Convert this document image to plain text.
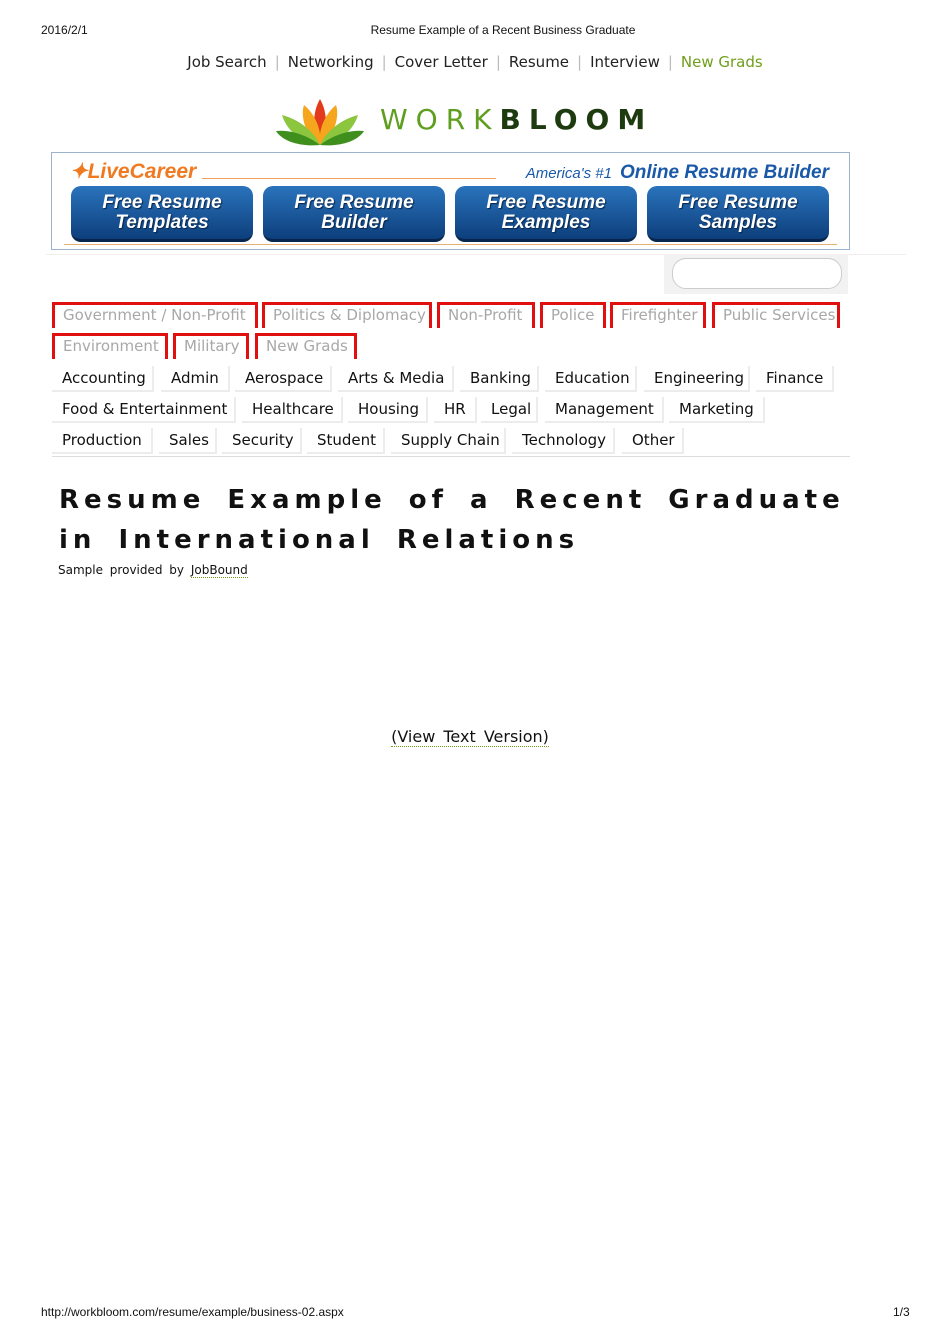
2016/2/1	Resume Example of a Recent Business Graduate
Job Search | Networking | Cover Letter | Resume | Interview | New Grads
WORKBLOOM
✦LiveCareer	America's #1 Online Resume Builder
Free Resume
Templates
Free Resume
Builder
Free Resume
Examples
Free Resume
Samples
Government / Non-Profit	Politics & Diplomacy	Non-Profit	Police	Firefighter	Public Services
Environment	Military	New Grads
Accounting	Admin	Aerospace	Arts & Media	Banking	Education	Engineering	Finance
Food & Entertainment	Healthcare	Housing	HR	Legal	Management	Marketing
Production	Sales	Security	Student	Supply Chain	Technology	Other
Resume Example of a Recent Graduate in International Relations
Sample provided by JobBound
(View Text Version)
http://workbloom.com/resume/example/business-02.aspx	1/3
